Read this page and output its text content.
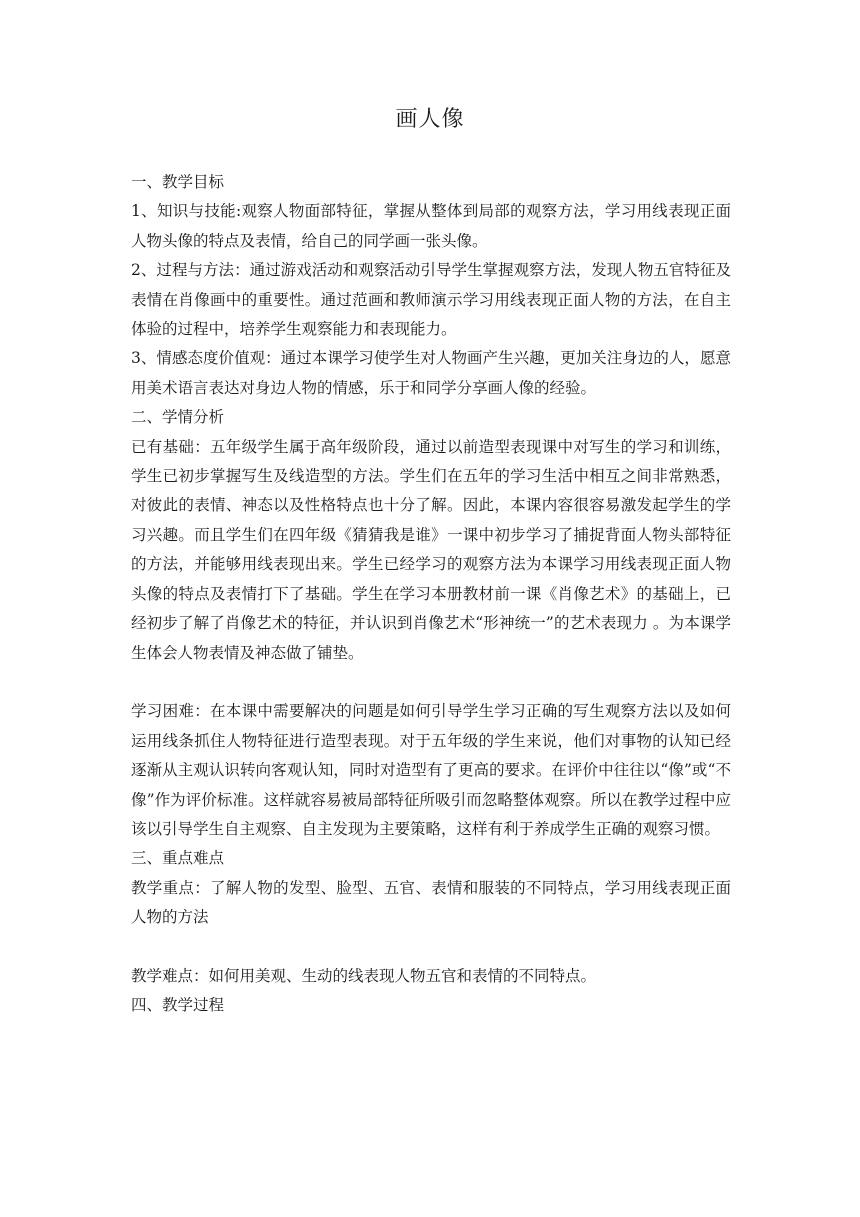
画人像

一、教学目标

1、知识与技能:观察人物面部特征，掌握从整体到局部的观察方法，学习用线表现正面人物头像的特点及表情，给自己的同学画一张头像。

2、过程与方法：通过游戏活动和观察活动引导学生掌握观察方法，发现人物五官特征及表情在肖像画中的重要性。通过范画和教师演示学习用线表现正面人物的方法，在自主体验的过程中，培养学生观察能力和表现能力。

3、情感态度价值观：通过本课学习使学生对人物画产生兴趣，更加关注身边的人，愿意用美术语言表达对身边人物的情感，乐于和同学分享画人像的经验。

二、学情分析

已有基础：五年级学生属于高年级阶段，通过以前造型表现课中对写生的学习和训练，学生已初步掌握写生及线造型的方法。学生们在五年的学习生活中相互之间非常熟悉，对彼此的表情、神态以及性格特点也十分了解。因此，本课内容很容易激发起学生的学习兴趣。而且学生们在四年级《猜猜我是谁》一课中初步学习了捕捉背面人物头部特征的方法，并能够用线表现出来。学生已经学习的观察方法为本课学习用线表现正面人物头像的特点及表情打下了基础。学生在学习本册教材前一课《肖像艺术》的基础上，已经初步了解了肖像艺术的特征，并认识到肖像艺术“形神统一”的艺术表现力 。为本课学生体会人物表情及神态做了铺垫。

学习困难：在本课中需要解决的问题是如何引导学生学习正确的写生观察方法以及如何运用线条抓住人物特征进行造型表现。对于五年级的学生来说，他们对事物的认知已经逐渐从主观认识转向客观认知，同时对造型有了更高的要求。在评价中往往以“像”或“不像”作为评价标准。这样就容易被局部特征所吸引而忽略整体观察。所以在教学过程中应该以引导学生自主观察、自主发现为主要策略，这样有利于养成学生正确的观察习惯。

三、重点难点

教学重点：了解人物的发型、脸型、五官、表情和服装的不同特点，学习用线表现正面人物的方法

教学难点：如何用美观、生动的线表现人物五官和表情的不同特点。

四、教学过程
